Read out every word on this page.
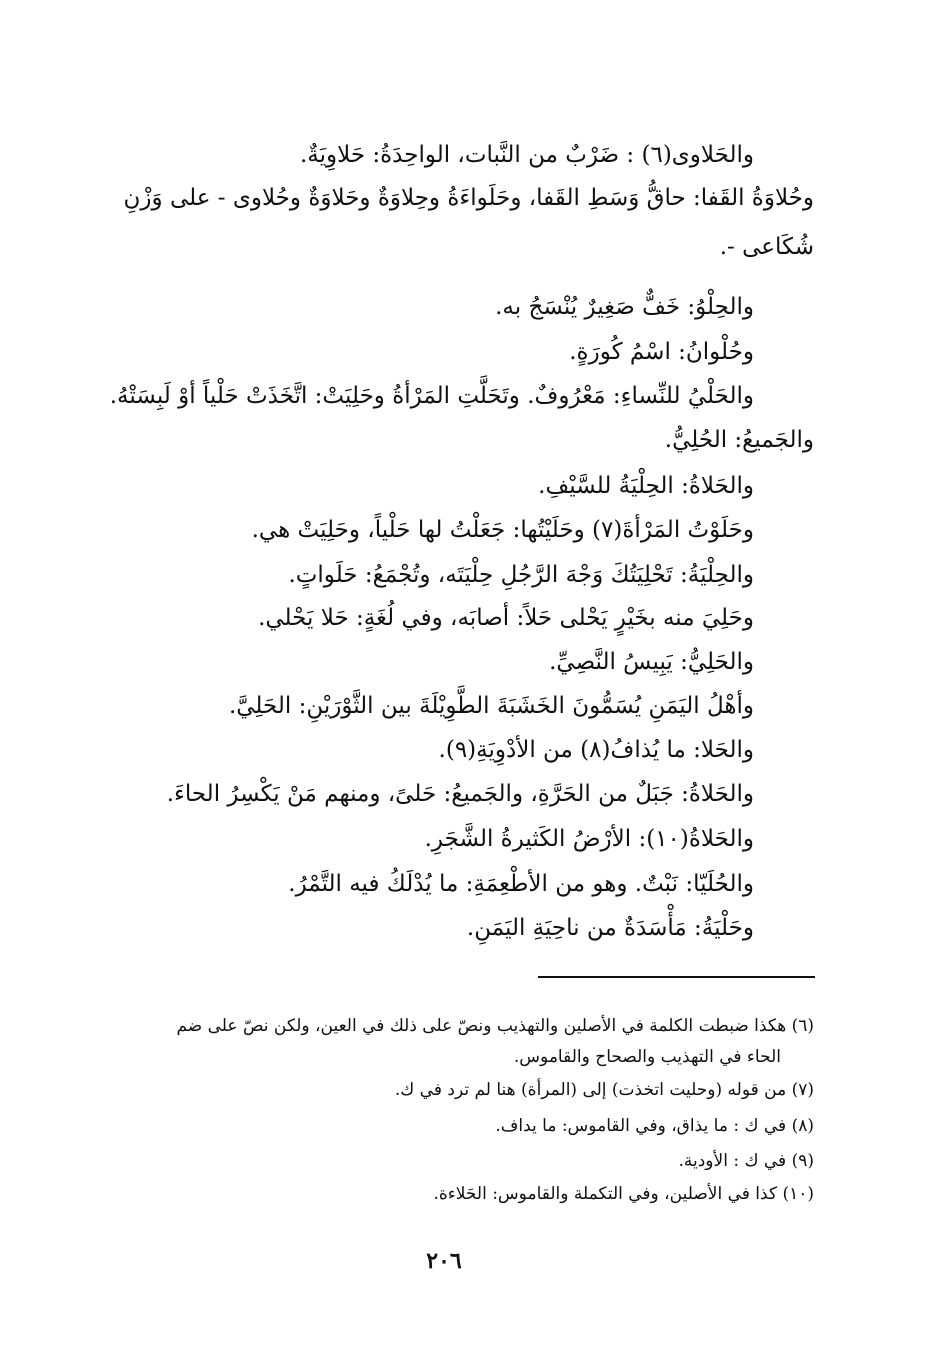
والحَلاوى(٦) : ضَرْبٌ من النَّبات، الواحِدَةُ: حَلاوِيَةٌ.
وحُلاوَةُ القَفا: حاقُّ وَسَطِ القَفا، وحَلَواءَةُ وحِلاوَةٌ وحَلاوَةٌ وحُلاوى - على وَزْنِ
شُكَاعى -.
والحِلْوُ: خَفٌّ صَغِيرٌ يُنْسَجُ به.
وحُلْوانُ: اسْمُ كُورَةٍ.
والحَلْيُ للنِّساءِ: مَعْرُوفٌ. وتَحَلَّتِ المَرْأةُ وحَلِيَتْ: اتَّخَذَتْ حَلْياً أوْ لَبِسَتْهُ.
والجَميعُ: الحُلِيُّ.
والحَلاةُ: الحِلْيَةُ للسَّيْفِ.
وحَلَوْتُ المَرْأةَ(٧) وحَلَيْتُها: جَعَلْتُ لها حَلْياً، وحَلِيَتْ هي.
والحِلْيَةُ: تَحْلِيَتُكَ وَجْهَ الرَّجُلِ حِلْيَتَه، وتُجْمَعُ: حَلَواتٍ.
وحَلِيَ منه بخَيْرٍ يَحْلى حَلاً: أصابَه، وفي لُغَةٍ: حَلا يَحْلي.
والحَلِيُّ: يَبِيسُ النَّصِيِّ.
وأهْلُ اليَمَنِ يُسَمُّونَ الخَشَبَةَ الطَّوِيْلَةَ بين الثَّوْرَيْنِ: الحَلِيَّ.
والحَلا: ما يُذافُ(٨) من الأدْوِيَةِ(٩).
والحَلاةُ: جَبَلٌ من الحَرَّةِ، والجَميعُ: حَلىً، ومنهم مَنْ يَكْسِرُ الحاءَ.
والحَلاةُ(١٠): الأرْضُ الكَثيرةُ الشَّجَرِ.
والحُلَيّا: نَبْتٌ. وهو من الأطْعِمَةِ: ما يُدْلَكُ فيه التَّمْرُ.
وحَلْيَةُ: مَأْسَدَةٌ من ناحِيَةِ اليَمَنِ.
(٦) هكذا ضبطت الكلمة في الأصلين والتهذيب ونصّ على ذلك في العين، ولكن نصّ على ضم
الحاء في التهذيب والصحاح والقاموس.
(٧) من قوله (وحليت اتخذت) إلى (المرأة) هنا لم ترد في ك.
(٨) في ك : ما يذاق، وفي القاموس: ما يداف.
(٩) في ك : الأودية.
(١٠) كذا في الأصلين، وفي التكملة والقاموس: الحَلاءة.
٢٠٦
